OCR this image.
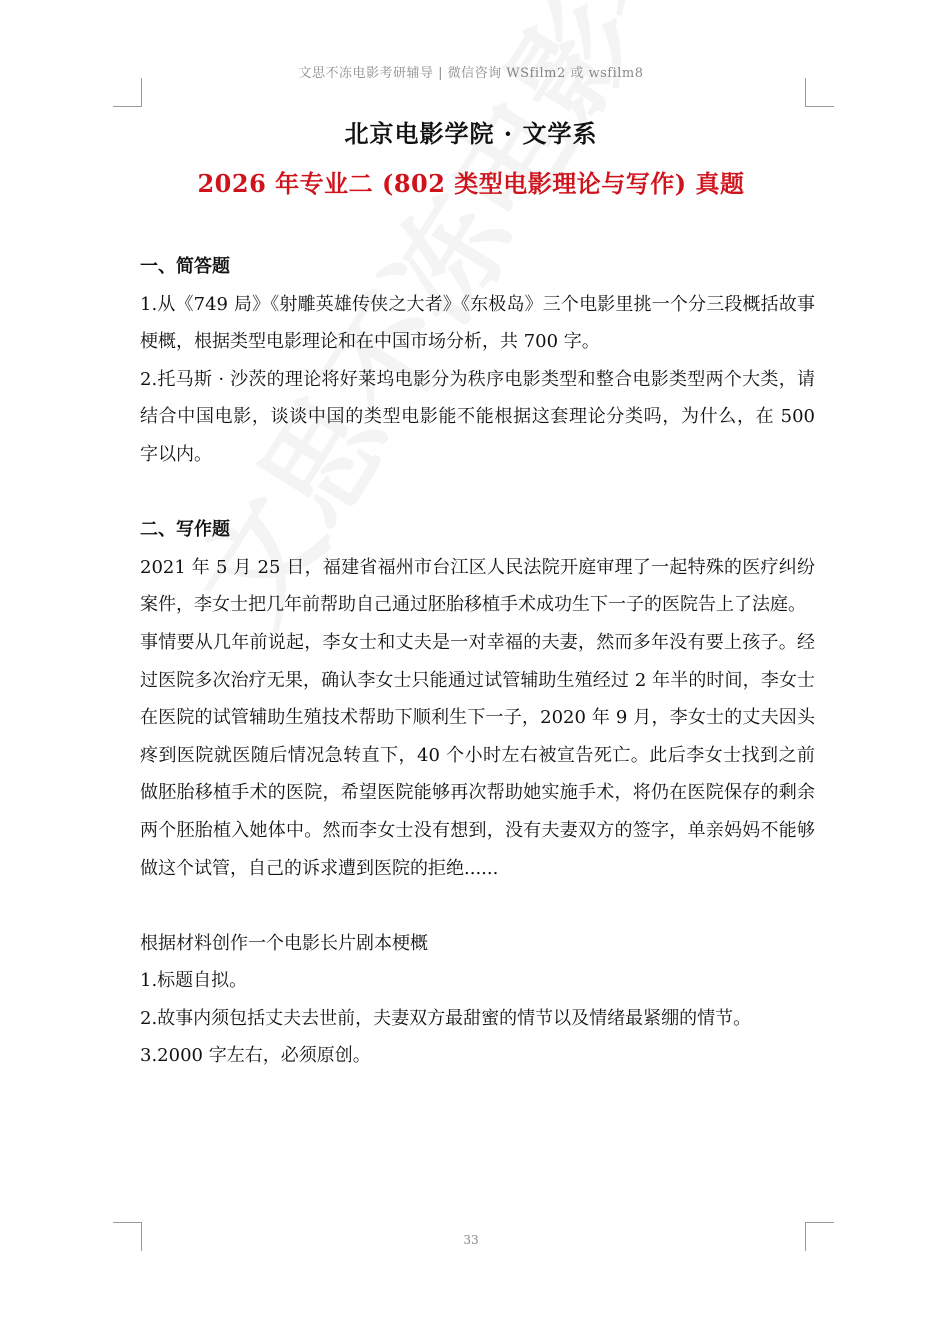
文思不冻电影考研辅导 | 微信咨询 WSfilm2 或 wsfilm8
北京电影学院 · 文学系
2026 年专业二 (802 类型电影理论与写作) 真题

一、简答题

1.从《749 局》《射雕英雄传侠之大者》《东极岛》三个电影里挑一个分三段概括故事梗概，根据类型电影理论和在中国市场分析，共 700 字。

2.托马斯 · 沙茨的理论将好莱坞电影分为秩序电影类型和整合电影类型两个大类，请结合中国电影，谈谈中国的类型电影能不能根据这套理论分类吗，为什么，在 500 字以内。

二、写作题

2021 年 5 月 25 日，福建省福州市台江区人民法院开庭审理了一起特殊的医疗纠纷案件，李女士把几年前帮助自己通过胚胎移植手术成功生下一子的医院告上了法庭。

事情要从几年前说起，李女士和丈夫是一对幸福的夫妻，然而多年没有要上孩子。经过医院多次治疗无果，确认李女士只能通过试管辅助生殖经过 2 年半的时间，李女士在医院的试管辅助生殖技术帮助下顺利生下一子，2020 年 9 月，李女士的丈夫因头疼到医院就医随后情况急转直下，40 个小时左右被宣告死亡。此后李女士找到之前做胚胎移植手术的医院，希望医院能够再次帮助她实施手术，将仍在医院保存的剩余两个胚胎植入她体中。然而李女士没有想到，没有夫妻双方的签字，单亲妈妈不能够做这个试管，自己的诉求遭到医院的拒绝......

根据材料创作一个电影长片剧本梗概

1.标题自拟。

2.故事内须包括丈夫去世前，夫妻双方最甜蜜的情节以及情绪最紧绷的情节。

3.2000 字左右，必须原创。

33
